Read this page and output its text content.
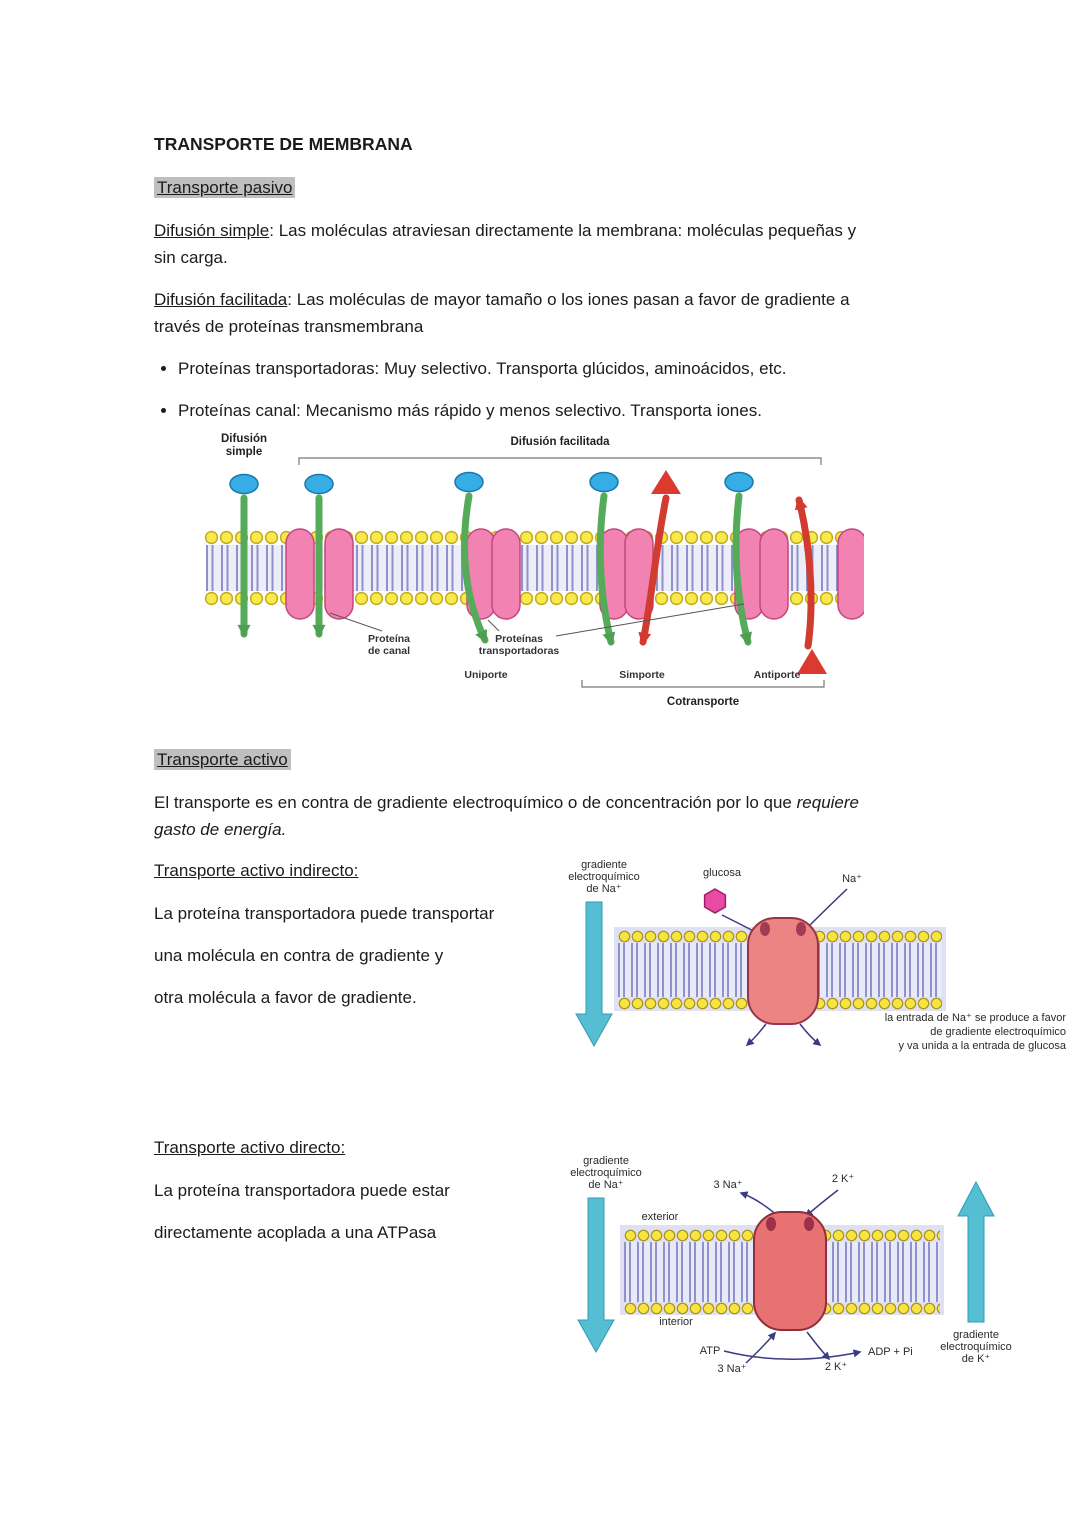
TRANSPORTE DE MEMBRANA

Transporte pasivo

Difusión simple: Las moléculas atraviesan directamente la membrana: moléculas pequeñas y sin carga.

Difusión facilitada: Las moléculas de mayor tamaño o los iones pasan a favor de gradiente a través de proteínas transmembrana

• Proteínas transportadoras: Muy selectivo. Transporta glúcidos, aminoácidos, etc.
• Proteínas canal: Mecanismo más rápido y menos selectivo. Transporta iones.
Difusión
simple
Difusión facilitada
Proteína
de canal
Proteínas
transportadoras
Uniporte	Simporte	Antiporte
Cotransporte

Transporte activo

El transporte es en contra de gradiente electroquímico o de concentración por lo que requiere gasto de energía.

Transporte activo indirecto:

La proteína transportadora puede transportar

una molécula en contra de gradiente y

otra molécula a favor de gradiente.

Transporte activo directo:

La proteína transportadora puede estar

directamente acoplada a una ATPasa

gradiente
electroquímico
de Na⁺
glucosa	Na⁺
la entrada de Na⁺ se produce a favor
de gradiente electroquímico
y va unida a la entrada de glucosa
gradiente
electroquímico
de Na⁺	3 Na⁺	2 K⁺
exterior
interior
ATP	ADP + Pi
3 Na⁺	2 K⁺
gradiente
electroquímico
de K⁺
